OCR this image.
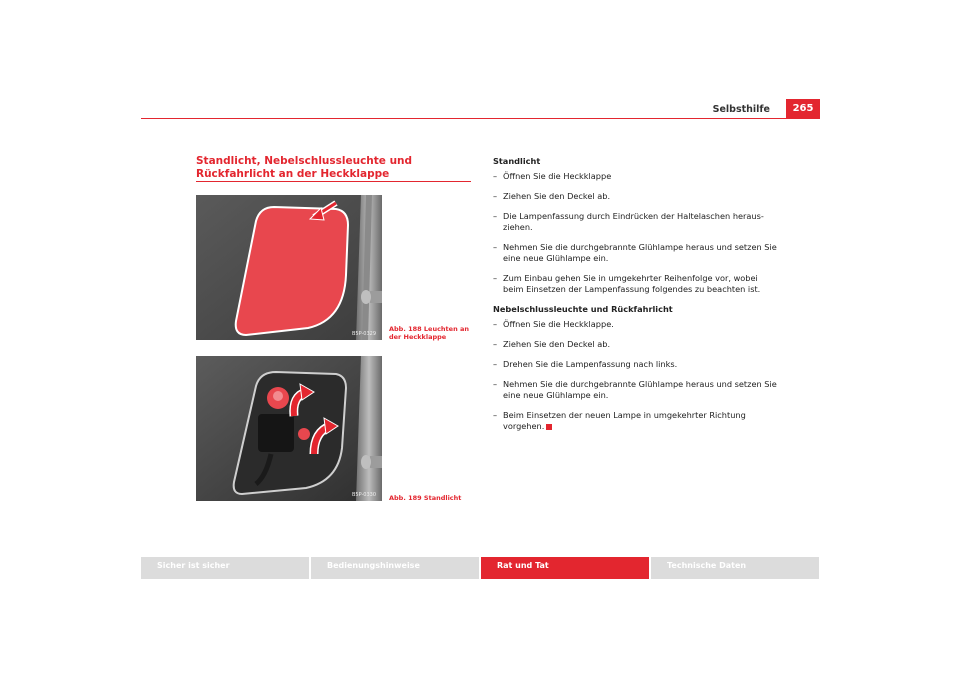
Selbsthilfe	265
Standlicht, Nebelschlussleuchte und Rückfahrlicht an der Heckklappe
B5P-0329
Abb. 188 Leuchten an der Heckklappe
B5P-0330 Abb. 189 Standlicht
Standlicht
– Öffnen Sie die Heckklappe
– Ziehen Sie den Deckel ab.
– Die Lampenfassung durch Eindrücken der Haltelaschen heraus-ziehen.
– Nehmen Sie die durchgebrannte Glühlampe heraus und setzen Sie eine neue Glühlampe ein.
– Zum Einbau gehen Sie in umgekehrter Reihenfolge vor, wobei beim Einsetzen der Lampenfassung folgendes zu beachten ist.
Nebelschlussleuchte und Rückfahrlicht
– Öffnen Sie die Heckklappe.
– Ziehen Sie den Deckel ab.
– Drehen Sie die Lampenfassung nach links.
– Nehmen Sie die durchgebrannte Glühlampe heraus und setzen Sie eine neue Glühlampe ein.
– Beim Einsetzen der neuen Lampe in umgekehrter Richtung vorgehen.
Sicher ist sicher	Bedienungshinweise	Rat und Tat	Technische Daten
